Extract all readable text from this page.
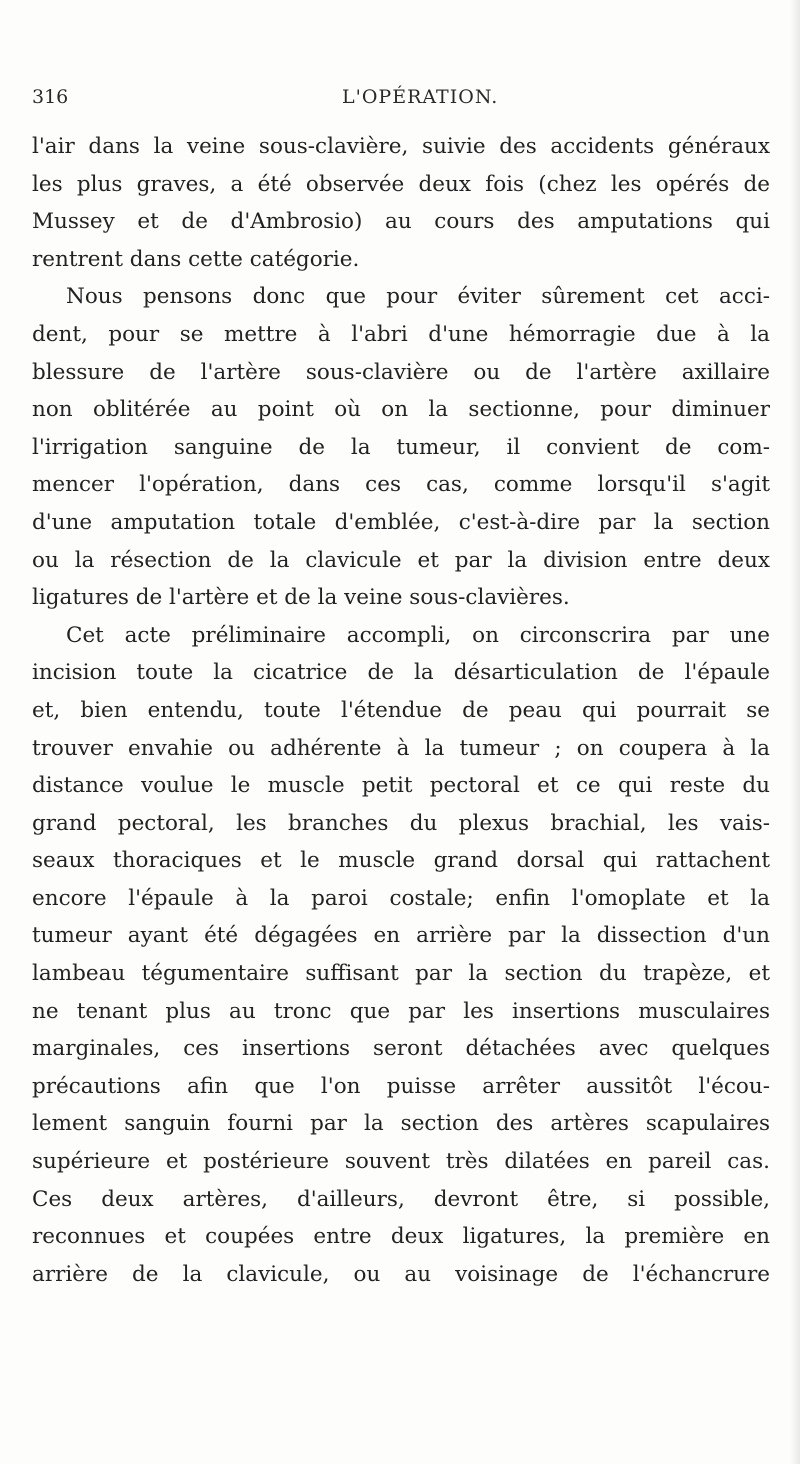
316	L'OPÉRATION.
l'air dans la veine sous-clavière, suivie des accidents généraux
les plus graves, a été observée deux fois (chez les opérés de
Mussey et de d'Ambrosio) au cours des amputations qui
rentrent dans cette catégorie.
Nous pensons donc que pour éviter sûrement cet acci-
dent, pour se mettre à l'abri d'une hémorragie due à la
blessure de l'artère sous-clavière ou de l'artère axillaire
non oblitérée au point où on la sectionne, pour diminuer
l'irrigation sanguine de la tumeur, il convient de com-
mencer l'opération, dans ces cas, comme lorsqu'il s'agit
d'une amputation totale d'emblée, c'est-à-dire par la section
ou la résection de la clavicule et par la division entre deux
ligatures de l'artère et de la veine sous-clavières.
Cet acte préliminaire accompli, on circonscrira par une
incision toute la cicatrice de la désarticulation de l'épaule
et, bien entendu, toute l'étendue de peau qui pourrait se
trouver envahie ou adhérente à la tumeur ; on coupera à la
distance voulue le muscle petit pectoral et ce qui reste du
grand pectoral, les branches du plexus brachial, les vais-
seaux thoraciques et le muscle grand dorsal qui rattachent
encore l'épaule à la paroi costale; enfin l'omoplate et la
tumeur ayant été dégagées en arrière par la dissection d'un
lambeau tégumentaire suffisant par la section du trapèze, et
ne tenant plus au tronc que par les insertions musculaires
marginales, ces insertions seront détachées avec quelques
précautions afin que l'on puisse arrêter aussitôt l'écou-
lement sanguin fourni par la section des artères scapulaires
supérieure et postérieure souvent très dilatées en pareil cas.
Ces deux artères, d'ailleurs, devront être, si possible,
reconnues et coupées entre deux ligatures, la première en
arrière de la clavicule, ou au voisinage de l'échancrure
